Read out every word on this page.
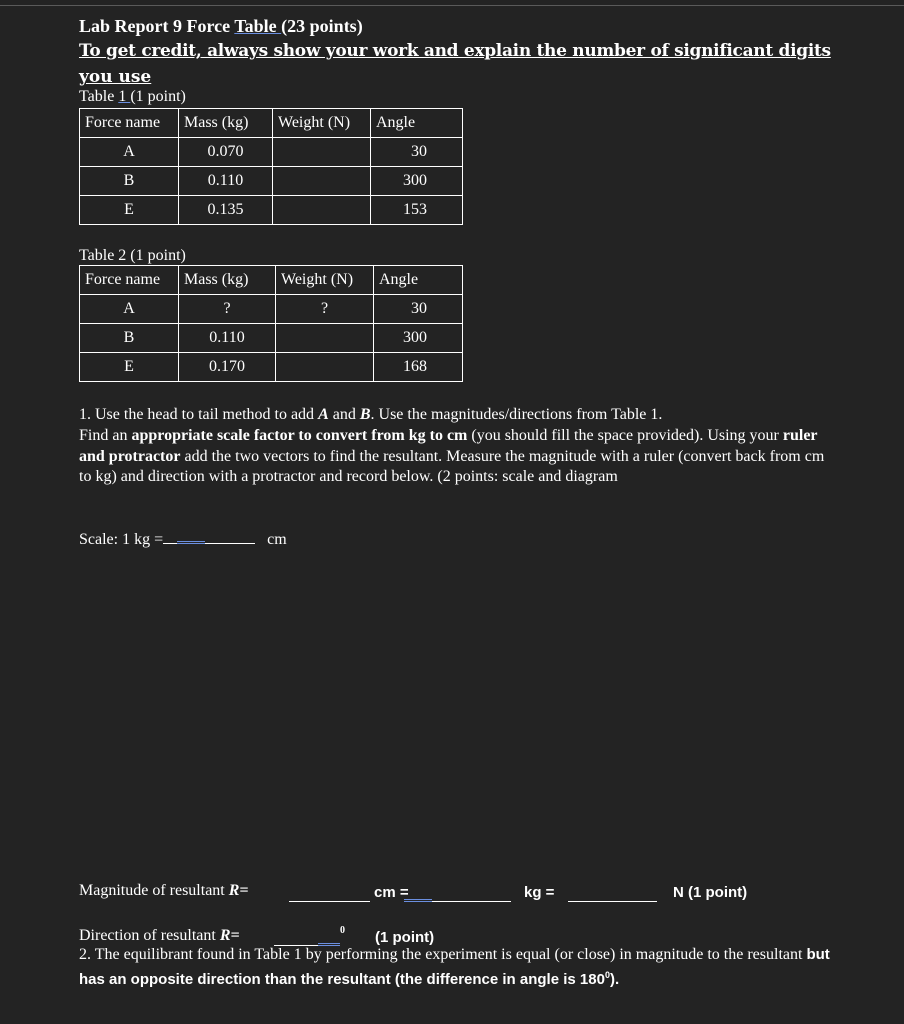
Lab Report 9 Force Table (23 points)
To get credit, always show your work and explain the number of significant digits
you use
Table 1 (1 point)
Force name	Mass (kg)	Weight (N)	Angle
A	0.070		30
B	0.110		300
E	0.135		153
Table 2 (1 point)
Force name	Mass (kg)	Weight (N)	Angle
A	?	?	30
B	0.110		300
E	0.170		168
1. Use the head to tail method to add A and B. Use the magnitudes/directions from Table 1.
Find an appropriate scale factor to convert from kg to cm (you should fill the space provided). Using your ruler and protractor add the two vectors to find the resultant. Measure the magnitude with a ruler (convert back from cm to kg) and direction with a protractor and record below. (2 points: scale and diagram
Scale: 1 kg =	cm
Magnitude of resultant R=	cm =	kg =	N (1 point)
Direction of resultant R=	0 (1 point)
2. The equilibrant found in Table 1 by performing the experiment is equal (or close) in magnitude to the resultant but has an opposite direction than the resultant (the difference in angle is $180^0$).
